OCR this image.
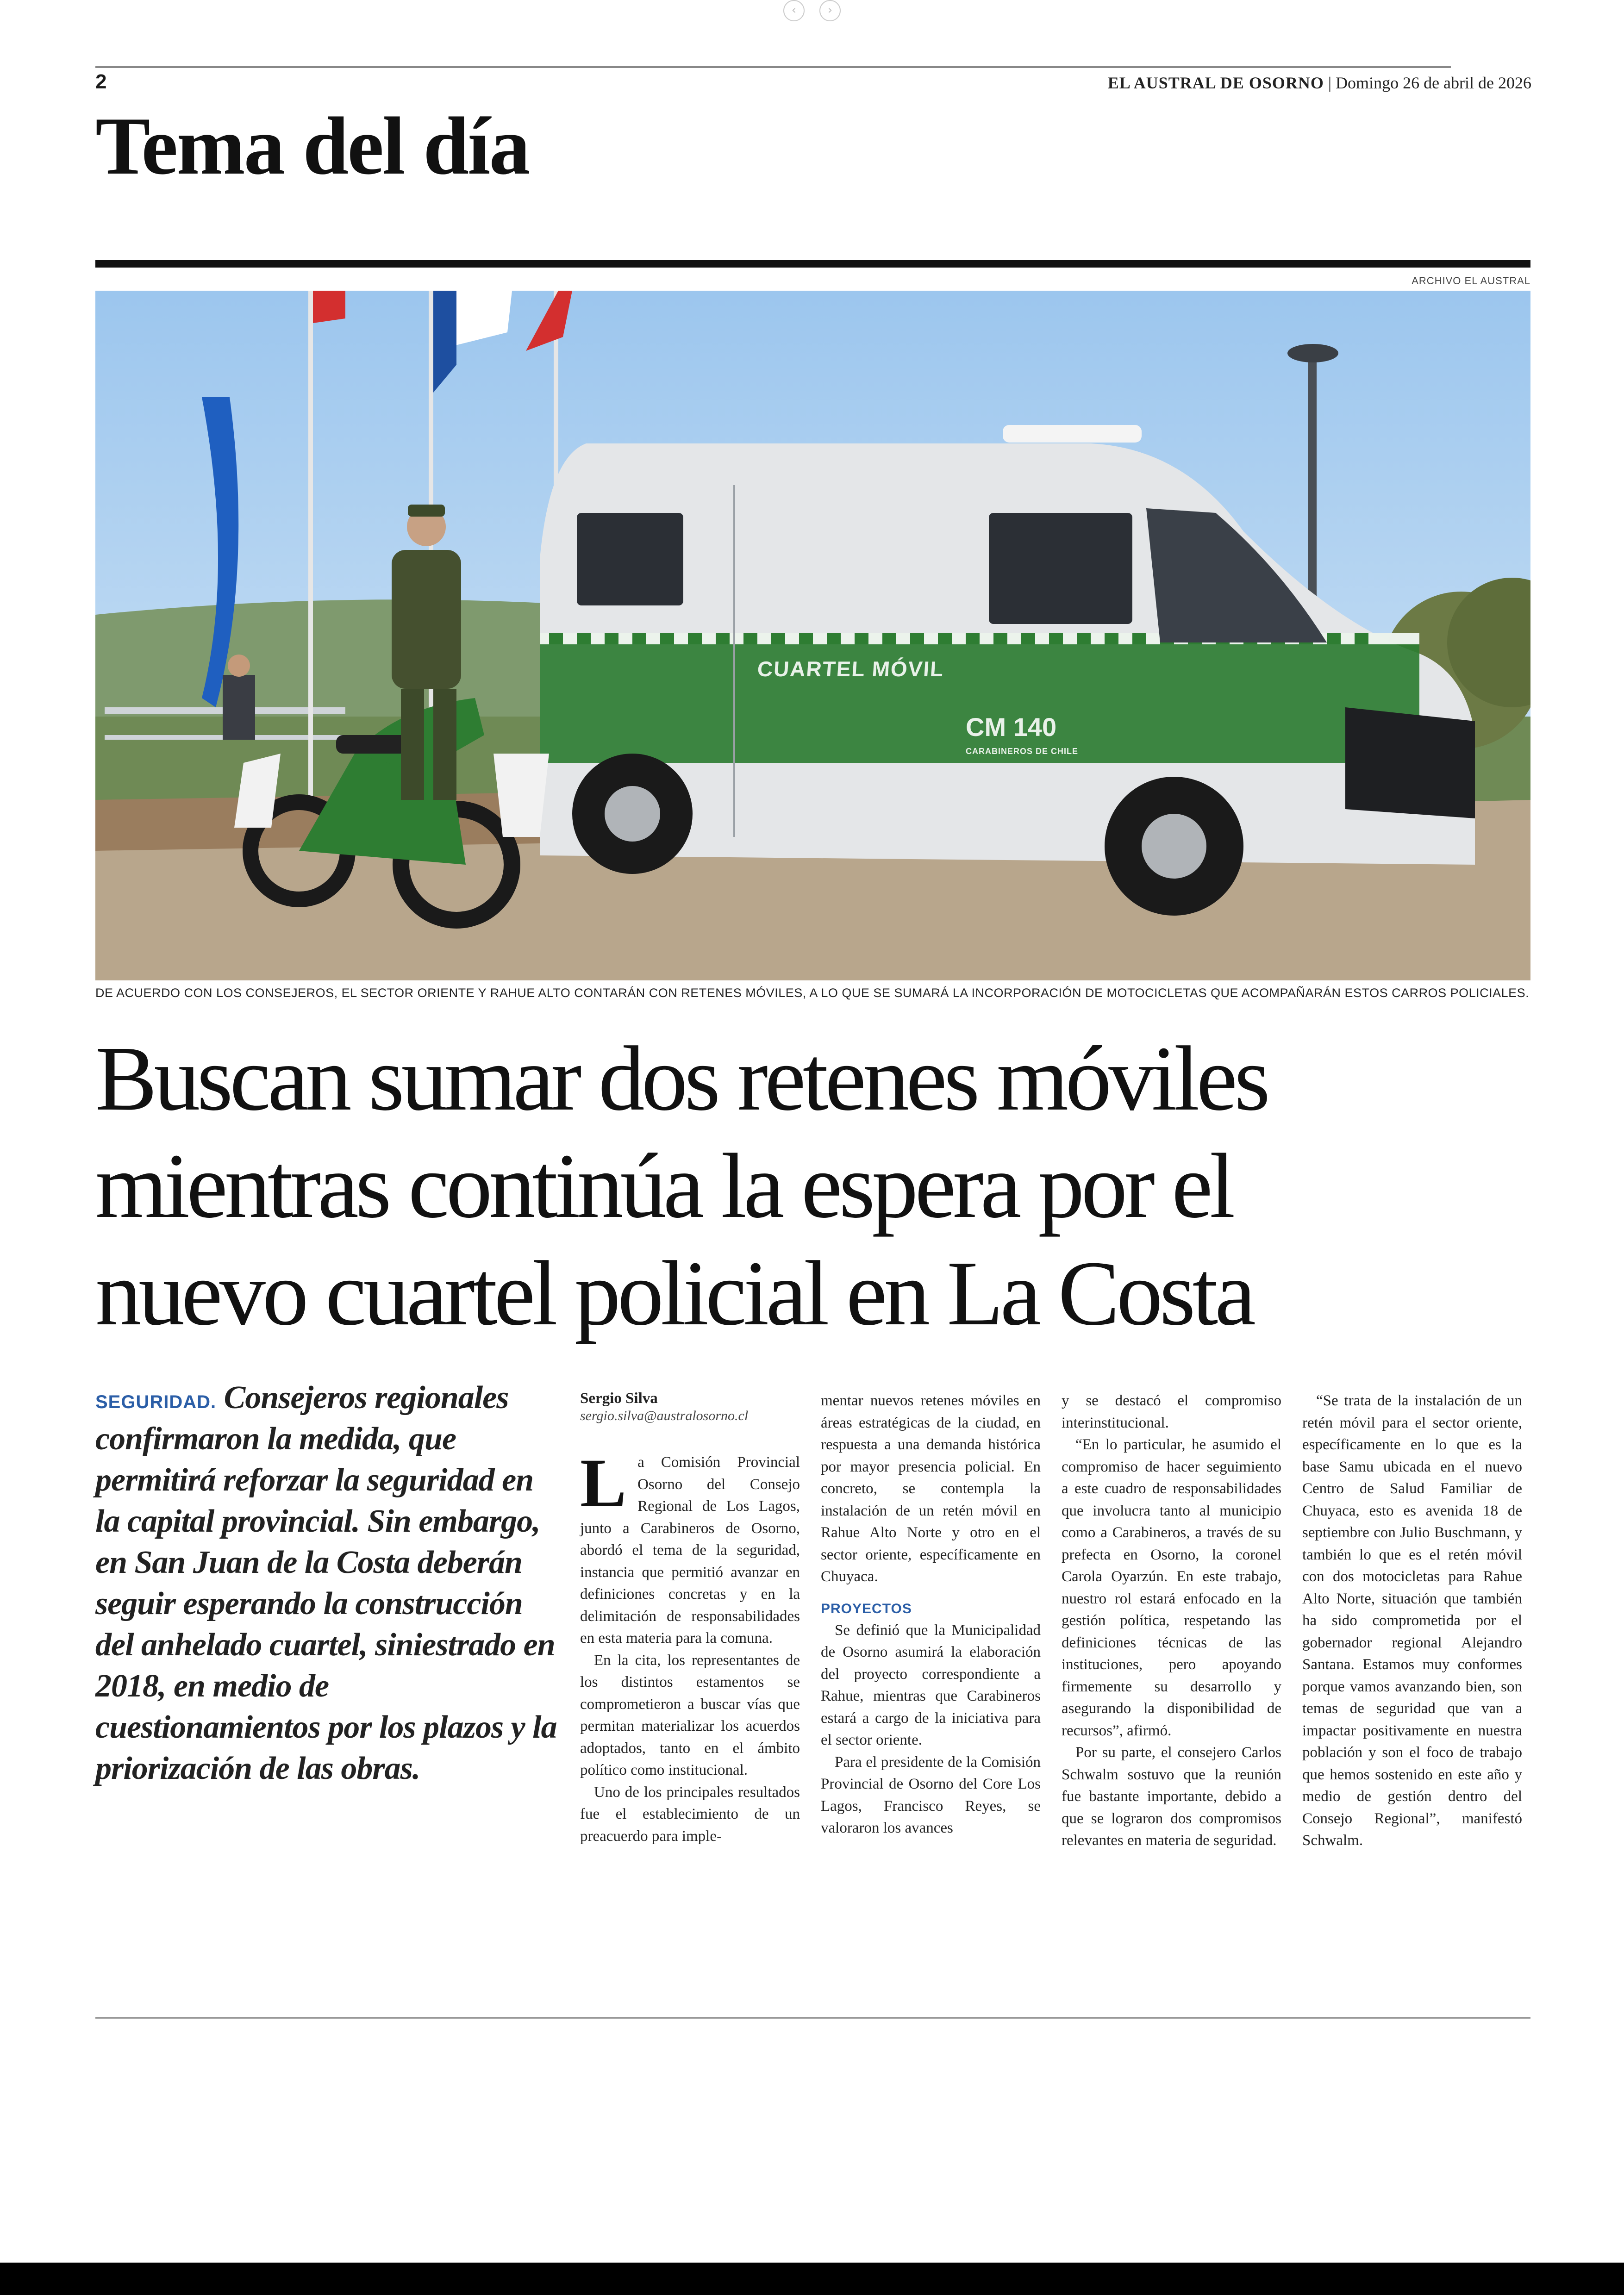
‹	›
2	EL AUSTRAL DE OSORNO | Domingo 26 de abril de 2026
Tema del día
ARCHIVO EL AUSTRAL
CUARTEL MÓVIL
CM 140
CARABINEROS DE CHILE
DE ACUERDO CON LOS CONSEJEROS, EL SECTOR ORIENTE Y RAHUE ALTO CONTARÁN CON RETENES MÓVILES, A LO QUE SE SUMARÁ LA INCORPORACIÓN DE MOTOCICLETAS QUE ACOMPAÑARÁN ESTOS CARROS POLICIALES.
Buscan sumar dos retenes móviles
mientras continúa la espera por el
nuevo cuartel policial en La Costa
SEGURIDAD. Consejeros regionales confirmaron la medida, que permitirá reforzar la seguridad en la capital provincial. Sin embargo, en San Juan de la Costa deberán seguir esperando la construcción del anhelado cuartel, siniestrado en 2018, en medio de cuestionamientos por los plazos y la priorización de las obras.
Sergio Silva
sergio.silva@australosorno.cl

La Comisión Provincial Osorno del Consejo Regional de Los Lagos, junto a Carabineros de Osorno, abordó el tema de la seguridad, instancia que permitió avanzar en definiciones concretas y en la delimitación de responsabilidades en esta materia para la comuna.

En la cita, los representantes de los distintos estamentos se comprometieron a buscar vías que permitan materializar los acuerdos adoptados, tanto en el ámbito político como institucional.

Uno de los principales resultados fue el establecimiento de un preacuerdo para imple-

mentar nuevos retenes móviles en áreas estratégicas de la ciudad, en respuesta a una demanda histórica por mayor presencia policial. En concreto, se contempla la instalación de un retén móvil en Rahue Alto Norte y otro en el sector oriente, específicamente en Chuyaca.

PROYECTOS

Se definió que la Municipalidad de Osorno asumirá la elaboración del proyecto correspondiente a Rahue, mientras que Carabineros estará a cargo de la iniciativa para el sector oriente.

Para el presidente de la Comisión Provincial de Osorno del Core Los Lagos, Francisco Reyes, se valoraron los avances

y se destacó el compromiso interinstitucional.

“En lo particular, he asumido el compromiso de hacer seguimiento a este cuadro de responsabilidades que involucra tanto al municipio como a Carabineros, a través de su prefecta en Osorno, la coronel Carola Oyarzún. En este trabajo, nuestro rol estará enfocado en la gestión política, respetando las definiciones técnicas de las instituciones, pero apoyando firmemente su desarrollo y asegurando la disponibilidad de recursos”, afirmó.

Por su parte, el consejero Carlos Schwalm sostuvo que la reunión fue bastante importante, debido a que se lograron dos compromisos relevantes en materia de seguridad.

“Se trata de la instalación de un retén móvil para el sector oriente, específicamente en lo que es la base Samu ubicada en el nuevo Centro de Salud Familiar de Chuyaca, esto es avenida 18 de septiembre con Julio Buschmann, y también lo que es el retén móvil con dos motocicletas para Rahue Alto Norte, situación que también ha sido comprometida por el gobernador regional Alejandro Santana. Estamos muy conformes porque vamos avanzando bien, son temas de seguridad que van a impactar positivamente en nuestra población y son el foco de trabajo que hemos sostenido en este año y medio de gestión dentro del Consejo Regional”, manifestó Schwalm.
